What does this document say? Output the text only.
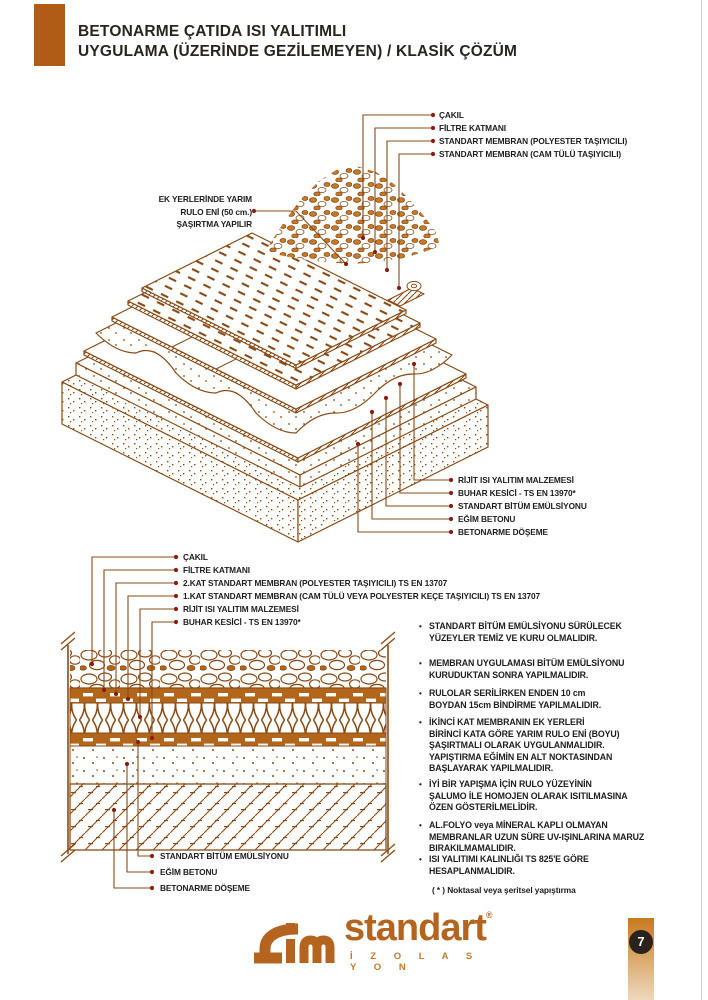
BETONARME ÇATIDA ISI YALITIMLI
UYGULAMA (ÜZERİNDE GEZİLEMEYEN) / KLASİK ÇÖZÜM
ÇAKIL
FİLTRE KATMANI
STANDART MEMBRAN (POLYESTER TAŞIYICILI)
STANDART MEMBRAN (CAM TÜLÜ TAŞIYICILI)
EK YERLERİNDE YARIM
RULO ENİ (50 cm.)
ŞAŞIRTMA YAPILIR
RİJİT ISI YALITIM MALZEMESİ
BUHAR KESİCİ - TS EN 13970*
STANDART BİTÜM EMÜLSİYONU
EĞİM BETONU
BETONARME DÖŞEME
ÇAKIL
FİLTRE KATMANI
2.KAT STANDART MEMBRAN (POLYESTER TAŞIYICILI) TS EN 13707
1.KAT STANDART MEMBRAN (CAM TÜLÜ VEYA POLYESTER KEÇE TAŞIYICILI) TS EN 13707
RİJİT ISI YALITIM MALZEMESİ
BUHAR KESİCİ - TS EN 13970*
STANDART BİTÜM EMÜLSİYONU
EĞİM BETONU
BETONARME DÖŞEME
• STANDART BİTÜM EMÜLSİYONU SÜRÜLECEK
YÜZEYLER TEMİZ VE KURU OLMALIDIR.
• MEMBRAN UYGULAMASI BİTÜM EMÜLSİYONU
KURUDUKTAN SONRA YAPILMALIDIR.
• RULOLAR SERİLİRKEN ENDEN 10 cm
BOYDAN 15cm BİNDİRME YAPILMALIDIR.
• İKİNCİ KAT MEMBRANIN EK YERLERİ
BİRİNCİ KATA GÖRE YARIM RULO ENİ (BOYU)
ŞAŞIRTMALI OLARAK UYGULANMALIDIR.
YAPIŞTIRMA EĞİMİN EN ALT NOKTASINDAN
BAŞLAYARAK YAPILMALIDIR.
• İYİ BİR YAPIŞMA İÇİN RULO YÜZEYİNİN
ŞALUMO İLE HOMOJEN OLARAK ISITILMASINA
ÖZEN GÖSTERİLMELİDİR.
• AL.FOLYO veya MİNERAL KAPLI OLMAYAN
MEMBRANLAR UZUN SÜRE UV-IŞINLARINA MARUZ
BIRAKILMAMALIDIR.
• ISI YALITIMI KALINLIĞI TS 825'E GÖRE
HESAPLANMALIDIR.
( * ) Noktasal veya şeritsel yapıştırma
standart®
İ Z O L A S Y O N
7
